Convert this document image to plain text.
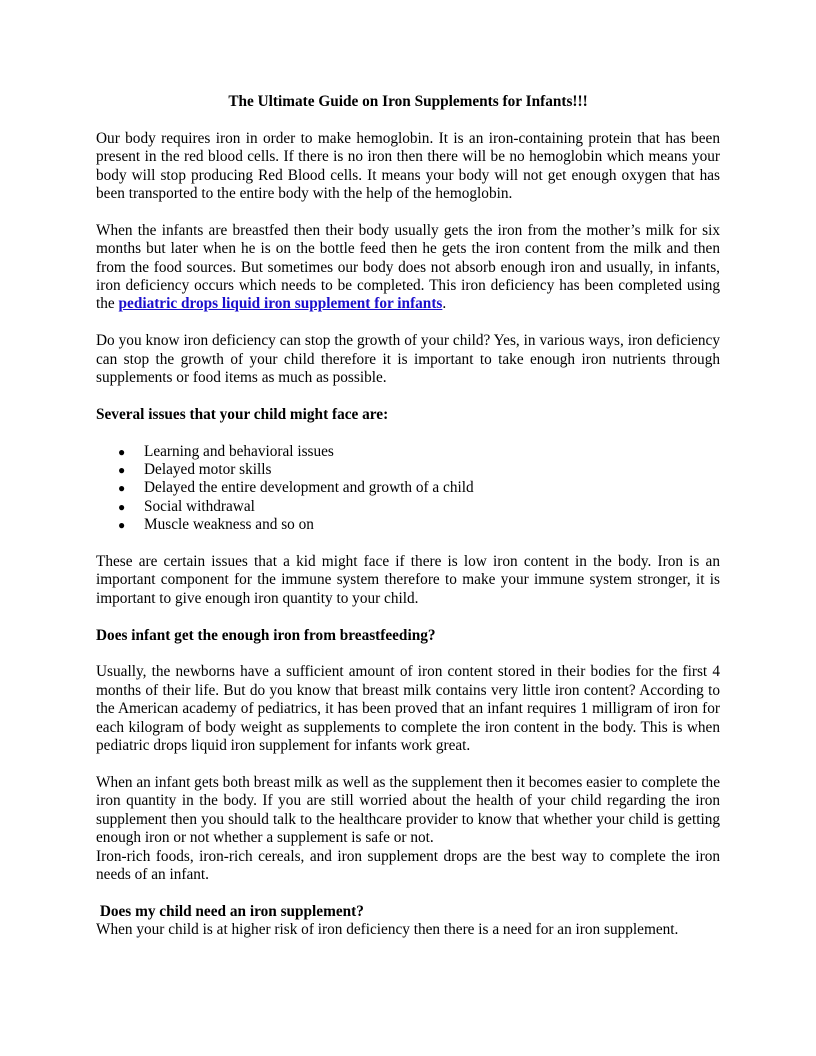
The Ultimate Guide on Iron Supplements for Infants!!!

Our body requires iron in order to make hemoglobin. It is an iron-containing protein that has been present in the red blood cells. If there is no iron then there will be no hemoglobin which means your body will stop producing Red Blood cells. It means your body will not get enough oxygen that has been transported to the entire body with the help of the hemoglobin.

When the infants are breastfed then their body usually gets the iron from the mother’s milk for six months but later when he is on the bottle feed then he gets the iron content from the milk and then from the food sources. But sometimes our body does not absorb enough iron and usually, in infants, iron deficiency occurs which needs to be completed. This iron deficiency has been completed using the pediatric drops liquid iron supplement for infants.

Do you know iron deficiency can stop the growth of your child? Yes, in various ways, iron deficiency can stop the growth of your child therefore it is important to take enough iron nutrients through supplements or food items as much as possible.

Several issues that your child might face are:
● Learning and behavioral issues
● Delayed motor skills
● Delayed the entire development and growth of a child
● Social withdrawal
● Muscle weakness and so on

These are certain issues that a kid might face if there is low iron content in the body. Iron is an important component for the immune system therefore to make your immune system stronger, it is important to give enough iron quantity to your child.

Does infant get the enough iron from breastfeeding?

Usually, the newborns have a sufficient amount of iron content stored in their bodies for the first 4 months of their life. But do you know that breast milk contains very little iron content? According to the American academy of pediatrics, it has been proved that an infant requires 1 milligram of iron for each kilogram of body weight as supplements to complete the iron content in the body. This is when pediatric drops liquid iron supplement for infants work great.

When an infant gets both breast milk as well as the supplement then it becomes easier to complete the iron quantity in the body. If you are still worried about the health of your child regarding the iron supplement then you should talk to the healthcare provider to know that whether your child is getting enough iron or not whether a supplement is safe or not.

Iron-rich foods, iron-rich cereals, and iron supplement drops are the best way to complete the iron needs of an infant.

Does my child need an iron supplement?

When your child is at higher risk of iron deficiency then there is a need for an iron supplement.
